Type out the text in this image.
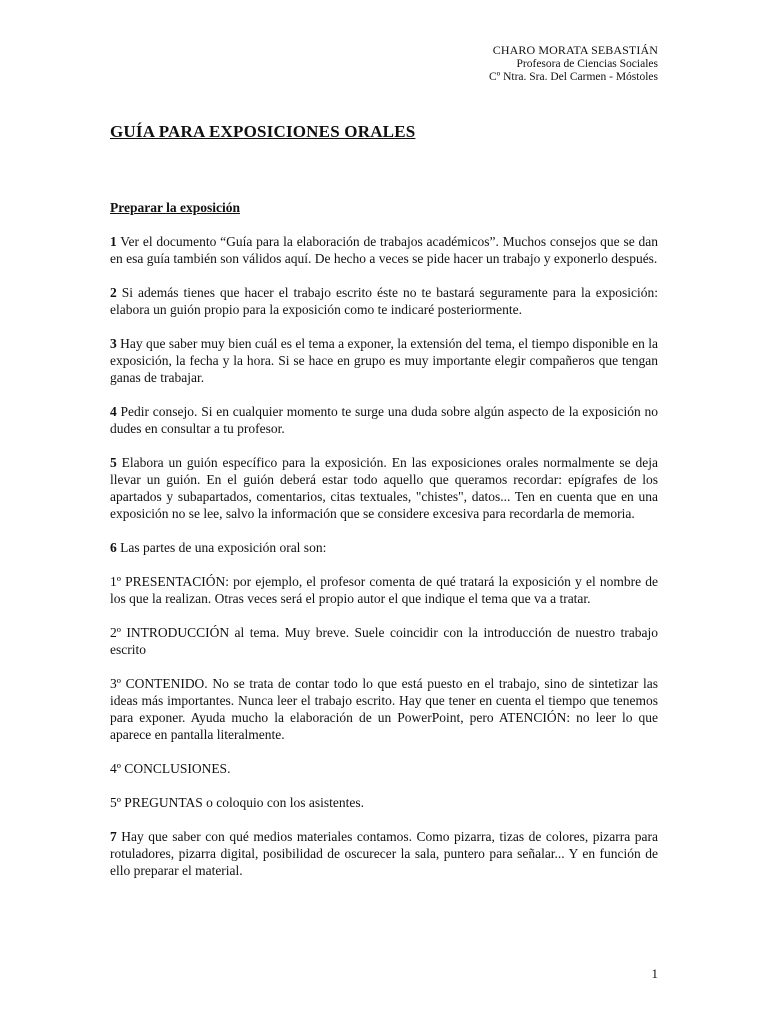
CHARO MORATA SEBASTIÁN
Profesora de Ciencias Sociales
Cº Ntra. Sra. Del Carmen - Móstoles
GUÍA PARA EXPOSICIONES ORALES
Preparar la exposición

1 Ver el documento “Guía para la elaboración de trabajos académicos”. Muchos consejos que se dan en esa guía también son válidos aquí. De hecho a veces se pide hacer un trabajo y exponerlo después.

2 Si además tienes que hacer el trabajo escrito éste no te bastará seguramente para la exposición: elabora un guión propio para la exposición como te indicaré posteriormente.

3 Hay que saber muy bien cuál es el tema a exponer, la extensión del tema, el tiempo disponible en la exposición, la fecha y la hora. Si se hace en grupo es muy importante elegir compañeros que tengan ganas de trabajar.

4 Pedir consejo. Si en cualquier momento te surge una duda sobre algún aspecto de la exposición no dudes en consultar a tu profesor.

5 Elabora un guión específico para la exposición. En las exposiciones orales normalmente se deja llevar un guión. En el guión deberá estar todo aquello que queramos recordar: epígrafes de los apartados y subapartados, comentarios, citas textuales, "chistes", datos... Ten en cuenta que en una exposición no se lee, salvo la información que se considere excesiva para recordarla de memoria.

6 Las partes de una exposición oral son:

1º PRESENTACIÓN: por ejemplo, el profesor comenta de qué tratará la exposición y el nombre de los que la realizan. Otras veces será el propio autor el que indique el tema que va a tratar.

2º INTRODUCCIÓN al tema. Muy breve. Suele coincidir con la introducción de nuestro trabajo escrito

3º CONTENIDO. No se trata de contar todo lo que está puesto en el trabajo, sino de sintetizar las ideas más importantes. Nunca leer el trabajo escrito. Hay que tener en cuenta el tiempo que tenemos para exponer. Ayuda mucho la elaboración de un PowerPoint, pero ATENCIÓN: no leer lo que aparece en pantalla literalmente.

4º CONCLUSIONES.

5º PREGUNTAS o coloquio con los asistentes.

7 Hay que saber con qué medios materiales contamos. Como pizarra, tizas de colores, pizarra para rotuladores, pizarra digital, posibilidad de oscurecer la sala, puntero para señalar... Y en función de ello preparar el material.

1
